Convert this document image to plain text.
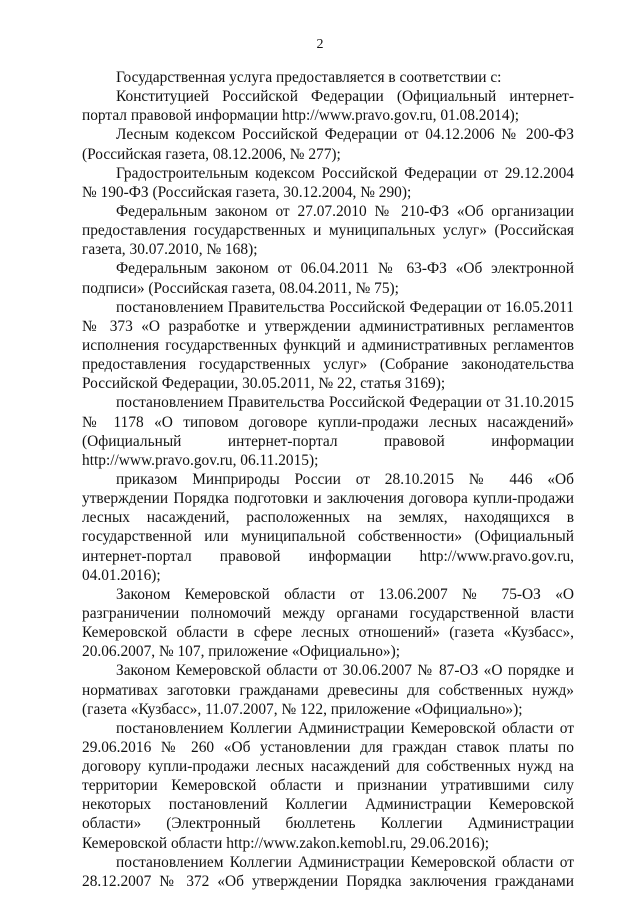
2
Государственная услуга предоставляется в соответствии с:
Конституцией Российской Федерации (Официальный интернет-
портал правовой информации http://www.pravo.gov.ru, 01.08.2014);
Лесным кодексом Российской Федерации от 04.12.2006 № 200-ФЗ
(Российская газета, 08.12.2006, № 277);
Градостроительным кодексом Российской Федерации от 29.12.2004
№ 190-ФЗ (Российская газета, 30.12.2004, № 290);
Федеральным законом от 27.07.2010 № 210-ФЗ «Об организации
предоставления государственных и муниципальных услуг» (Российская
газета, 30.07.2010, № 168);
Федеральным законом от 06.04.2011 № 63-ФЗ «Об электронной
подписи» (Российская газета, 08.04.2011, № 75);
постановлением Правительства Российской Федерации от 16.05.2011
№ 373 «О разработке и утверждении административных регламентов
исполнения государственных функций и административных регламентов
предоставления государственных услуг» (Собрание законодательства
Российской Федерации, 30.05.2011, № 22, статья 3169);
постановлением Правительства Российской Федерации от 31.10.2015
№ 1178 «О типовом договоре купли-продажи лесных насаждений»
(Официальный интернет-портал правовой информации
http://www.pravo.gov.ru, 06.11.2015);
приказом Минприроды России от 28.10.2015 № 446 «Об
утверждении Порядка подготовки и заключения договора купли-продажи
лесных насаждений, расположенных на землях, находящихся в
государственной или муниципальной собственности» (Официальный
интернет-портал правовой информации http://www.pravo.gov.ru,
04.01.2016);
Законом Кемеровской области от 13.06.2007 № 75-ОЗ «О
разграничении полномочий между органами государственной власти
Кемеровской области в сфере лесных отношений» (газета «Кузбасс»,
20.06.2007, № 107, приложение «Официально»);
Законом Кемеровской области от 30.06.2007 № 87-ОЗ «О порядке и
нормативах заготовки гражданами древесины для собственных нужд»
(газета «Кузбасс», 11.07.2007, № 122, приложение «Официально»);
постановлением Коллегии Администрации Кемеровской области от
29.06.2016 № 260 «Об установлении для граждан ставок платы по
договору купли-продажи лесных насаждений для собственных нужд на
территории Кемеровской области и признании утратившими силу
некоторых постановлений Коллегии Администрации Кемеровской
области» (Электронный бюллетень Коллегии Администрации
Кемеровской области http://www.zakon.kemobl.ru, 29.06.2016);
постановлением Коллегии Администрации Кемеровской области от
28.12.2007 № 372 «Об утверждении Порядка заключения гражданами
